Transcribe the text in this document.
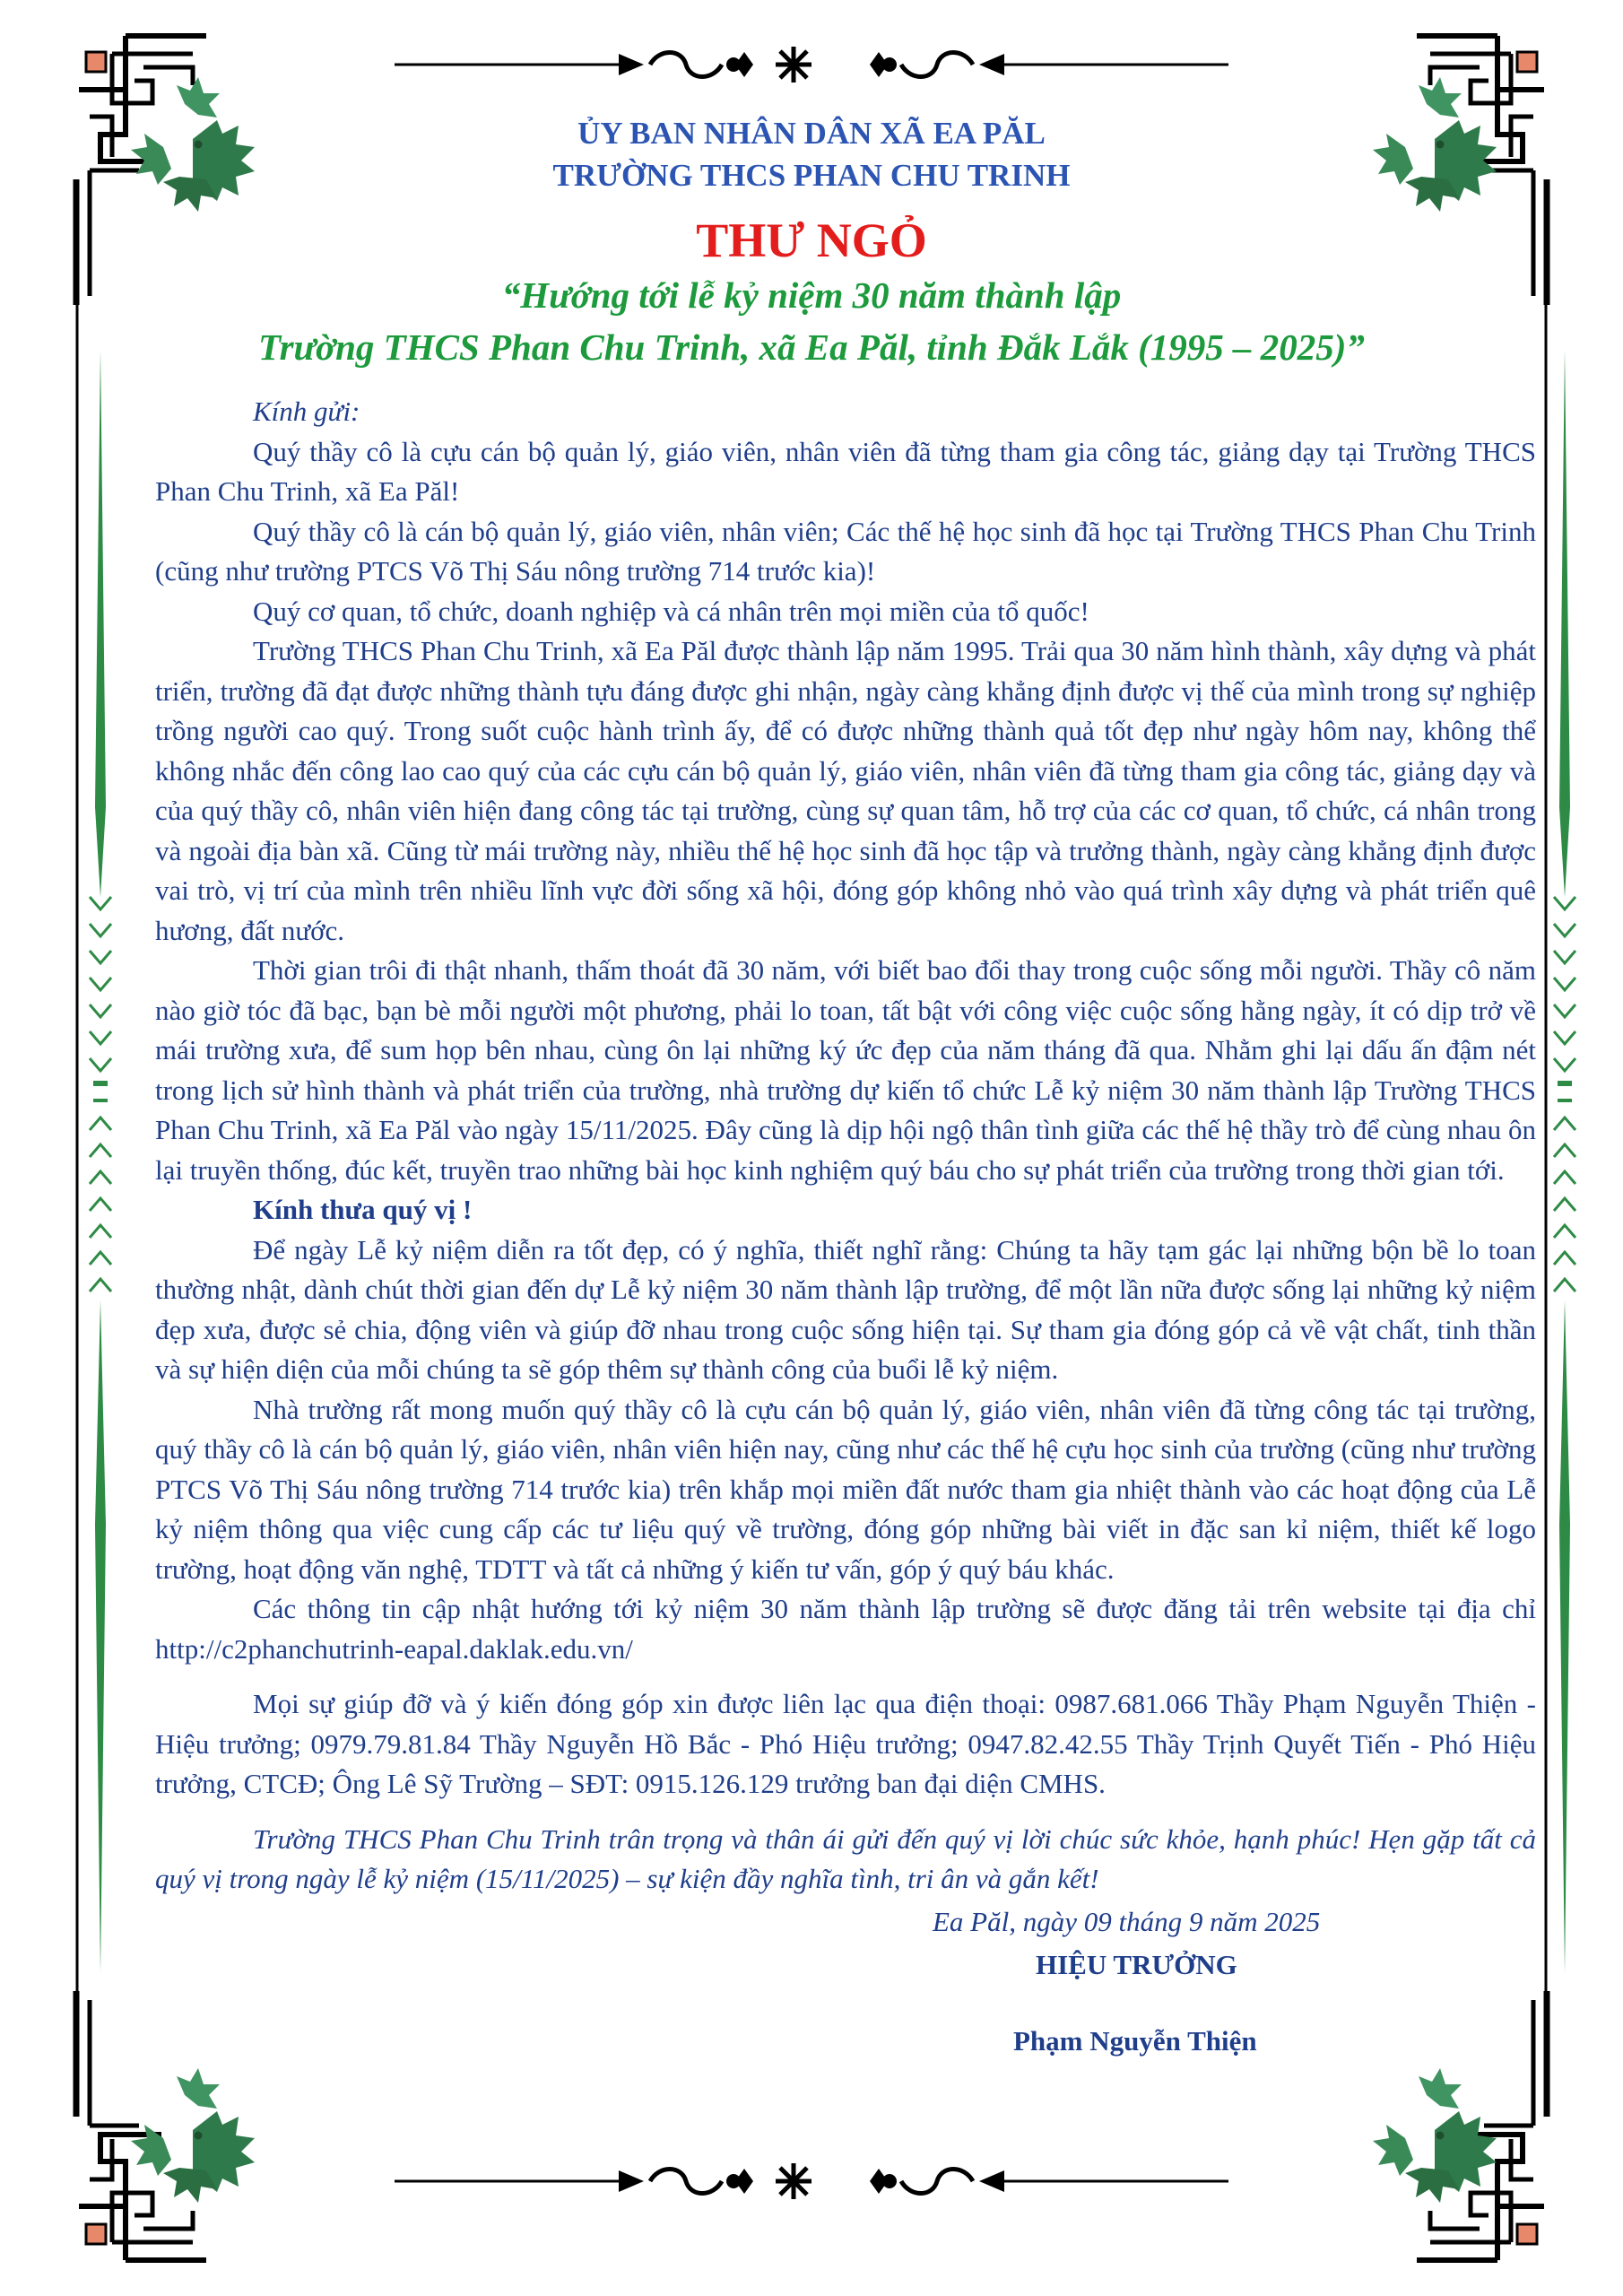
ỦY BAN NHÂN DÂN XÃ EA PĂL
TRƯỜNG THCS PHAN CHU TRINH
THƯ NGỎ
“Hướng tới lễ kỷ niệm 30 năm thành lập
Trường THCS Phan Chu Trinh, xã Ea Păl, tỉnh Đắk Lắk (1995 – 2025)”

Kính gửi:

Quý thầy cô là cựu cán bộ quản lý, giáo viên, nhân viên đã từng tham gia công tác, giảng dạy tại Trường THCS Phan Chu Trinh, xã Ea Păl!

Quý thầy cô là cán bộ quản lý, giáo viên, nhân viên; Các thế hệ học sinh đã học tại Trường THCS Phan Chu Trinh (cũng như trường PTCS Võ Thị Sáu nông trường 714 trước kia)!

Quý cơ quan, tổ chức, doanh nghiệp và cá nhân trên mọi miền của tổ quốc!

Trường THCS Phan Chu Trinh, xã Ea Păl được thành lập năm 1995. Trải qua 30 năm hình thành, xây dựng và phát triển, trường đã đạt được những thành tựu đáng được ghi nhận, ngày càng khẳng định được vị thế của mình trong sự nghiệp trồng người cao quý. Trong suốt cuộc hành trình ấy, để có được những thành quả tốt đẹp như ngày hôm nay, không thể không nhắc đến công lao cao quý của các cựu cán bộ quản lý, giáo viên, nhân viên đã từng tham gia công tác, giảng dạy và của quý thầy cô, nhân viên hiện đang công tác tại trường, cùng sự quan tâm, hỗ trợ của các cơ quan, tổ chức, cá nhân trong và ngoài địa bàn xã. Cũng từ mái trường này, nhiều thế hệ học sinh đã học tập và trưởng thành, ngày càng khẳng định được vai trò, vị trí của mình trên nhiều lĩnh vực đời sống xã hội, đóng góp không nhỏ vào quá trình xây dựng và phát triển quê hương, đất nước.

Thời gian trôi đi thật nhanh, thấm thoát đã 30 năm, với biết bao đổi thay trong cuộc sống mỗi người. Thầy cô năm nào giờ tóc đã bạc, bạn bè mỗi người một phương, phải lo toan, tất bật với công việc cuộc sống hằng ngày, ít có dịp trở về mái trường xưa, để sum họp bên nhau, cùng ôn lại những ký ức đẹp của năm tháng đã qua. Nhằm ghi lại dấu ấn đậm nét trong lịch sử hình thành và phát triển của trường, nhà trường dự kiến tổ chức Lễ kỷ niệm 30 năm thành lập Trường THCS Phan Chu Trinh, xã Ea Păl vào ngày 15/11/2025. Đây cũng là dịp hội ngộ thân tình giữa các thế hệ thầy trò để cùng nhau ôn lại truyền thống, đúc kết, truyền trao những bài học kinh nghiệm quý báu cho sự phát triển của trường trong thời gian tới.

Kính thưa quý vị !

Để ngày Lễ kỷ niệm diễn ra tốt đẹp, có ý nghĩa, thiết nghĩ rằng: Chúng ta hãy tạm gác lại những bộn bề lo toan thường nhật, dành chút thời gian đến dự Lễ kỷ niệm 30 năm thành lập trường, để một lần nữa được sống lại những kỷ niệm đẹp xưa, được sẻ chia, động viên và giúp đỡ nhau trong cuộc sống hiện tại. Sự tham gia đóng góp cả về vật chất, tinh thần và sự hiện diện của mỗi chúng ta sẽ góp thêm sự thành công của buổi lễ kỷ niệm.

Nhà trường rất mong muốn quý thầy cô là cựu cán bộ quản lý, giáo viên, nhân viên đã từng công tác tại trường, quý thầy cô là cán bộ quản lý, giáo viên, nhân viên hiện nay, cũng như các thế hệ cựu học sinh của trường (cũng như trường PTCS Võ Thị Sáu nông trường 714 trước kia) trên khắp mọi miền đất nước tham gia nhiệt thành vào các hoạt động của Lễ kỷ niệm thông qua việc cung cấp các tư liệu quý về trường, đóng góp những bài viết in đặc san kỉ niệm, thiết kế logo trường, hoạt động văn nghệ, TDTT và tất cả những ý kiến tư vấn, góp ý quý báu khác.

Các thông tin cập nhật hướng tới kỷ niệm 30 năm thành lập trường sẽ được đăng tải trên website tại địa chỉ http://c2phanchutrinh-eapal.daklak.edu.vn/

Mọi sự giúp đỡ và ý kiến đóng góp xin được liên lạc qua điện thoại: 0987.681.066 Thầy Phạm Nguyễn Thiện - Hiệu trưởng; 0979.79.81.84 Thầy Nguyễn Hồ Bắc - Phó Hiệu trưởng; 0947.82.42.55 Thầy Trịnh Quyết Tiến - Phó Hiệu trưởng, CTCĐ; Ông Lê Sỹ Trường – SĐT: 0915.126.129 trưởng ban đại diện CMHS.

Trường THCS Phan Chu Trinh trân trọng và thân ái gửi đến quý vị lời chúc sức khỏe, hạnh phúc! Hẹn gặp tất cả quý vị trong ngày lễ kỷ niệm (15/11/2025) – sự kiện đầy nghĩa tình, tri ân và gắn kết!

Ea Păl, ngày 09 tháng 9 năm 2025
HIỆU TRƯỞNG
Phạm Nguyễn Thiện
